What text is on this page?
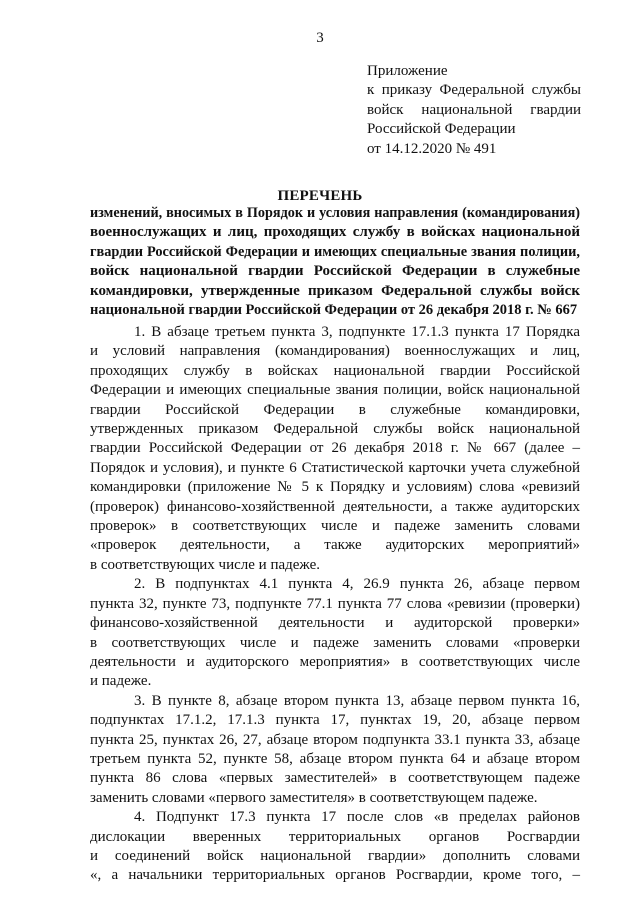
3
Приложение
к приказу Федеральной службы
войск национальной гвардии
Российской Федерации
от 14.12.2020 № 491
ПЕРЕЧЕНЬ
изменений, вносимых в Порядок и условия направления (командирования)
военнослужащих и лиц, проходящих службу в войсках национальной
гвардии Российской Федерации и имеющих специальные звания полиции,
войск национальной гвардии Российской Федерации в служебные
командировки, утвержденные приказом Федеральной службы войск
национальной гвардии Российской Федерации от 26 декабря 2018 г. № 667
1. В абзаце третьем пункта 3, подпункте 17.1.3 пункта 17 Порядка
и условий направления (командирования) военнослужащих и лиц,
проходящих службу в войсках национальной гвардии Российской
Федерации и имеющих специальные звания полиции, войск национальной
гвардии Российской Федерации в служебные командировки,
утвержденных приказом Федеральной службы войск национальной
гвардии Российской Федерации от 26 декабря 2018 г. № 667 (далее –
Порядок и условия), и пункте 6 Статистической карточки учета служебной
командировки (приложение № 5 к Порядку и условиям) слова «ревизий
(проверок) финансово-хозяйственной деятельности, а также аудиторских
проверок» в соответствующих числе и падеже заменить словами
«проверок деятельности, а также аудиторских мероприятий»
в соответствующих числе и падеже.
2. В подпунктах 4.1 пункта 4, 26.9 пункта 26, абзаце первом
пункта 32, пункте 73, подпункте 77.1 пункта 77 слова «ревизии (проверки)
финансово-хозяйственной деятельности и аудиторской проверки»
в соответствующих числе и падеже заменить словами «проверки
деятельности и аудиторского мероприятия» в соответствующих числе
и падеже.
3. В пункте 8, абзаце втором пункта 13, абзаце первом пункта 16,
подпунктах 17.1.2, 17.1.3 пункта 17, пунктах 19, 20, абзаце первом
пункта 25, пунктах 26, 27, абзаце втором подпункта 33.1 пункта 33, абзаце
третьем пункта 52, пункте 58, абзаце втором пункта 64 и абзаце втором
пункта 86 слова «первых заместителей» в соответствующем падеже
заменить словами «первого заместителя» в соответствующем падеже.
4. Подпункт 17.3 пункта 17 после слов «в пределах районов
дислокации вверенных территориальных органов Росгвардии
и соединений войск национальной гвардии» дополнить словами
«, а начальники территориальных органов Росгвардии, кроме того, –
